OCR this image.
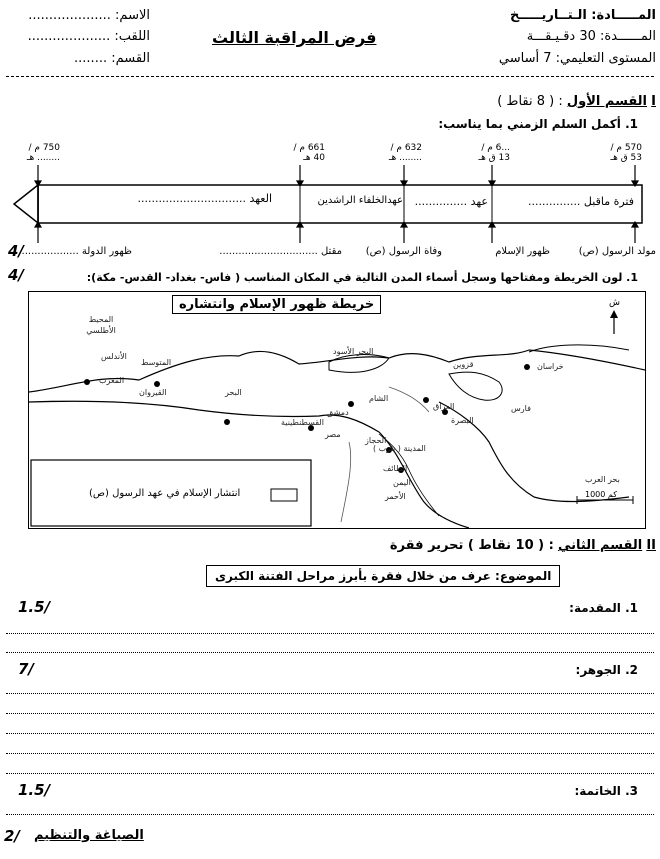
الاسم: ....................
اللقب: ....................
القسم: ........
فرض المراقبة الثالث
المـــــادة: الـتــاريـــــخ
المــــــدة: 30 دقـيـقـــة
المستوى التعليمي: 7 أساسي
I القسم الأول : ( 8 نقاط )
1. أكمل السلم الزمني بما يناسب:
570 م /
53 ق هـ
...6 م /
13 ق هـ
632 م /
........ هـ
661 م /
40 هـ
750 م /
........ هـ
فترة ماقبل ...............
عهد ...............
عهدالخلفاء الراشدين
العهد ...............................
مولد الرسول (ص)
ظهور الإسلام
وفاة الرسول (ص)
مقتل ...............................
ظهور الدولة ...................
4/
1. لون الخريطة ومفتاحها وسجل أسماء المدن التالية في المكان المناسب ( فاس- بغداد- القدس- مكة):
4/
خريطة ظهور الإسلام وانتشاره
انتشار الإسلام في عهد الرسول (ص)
ش
1000 كم
المحيط الأطلسي
الأندلس
المتوسط
المغرب
القيروان	البحر
البحر الأسود
قزوين	خراسان
الشام
دمشق
العراق	فارس
البصرة
القسطنطينية
مصر
الحجاز
المدينة ( يثرب )
الطائف
اليمن
الأحمر
بحر العرب
II القسم الثاني : ( 10 نقاط ) تحرير فقرة
الموضوع: عرف من خلال فقرة بأبرز مراحل الفتنة الكبرى
1. المقدمة:
1.5/
2. الجوهر:
7/
3. الخاتمة:
1.5/
2/ الصياغة والتنظيم
